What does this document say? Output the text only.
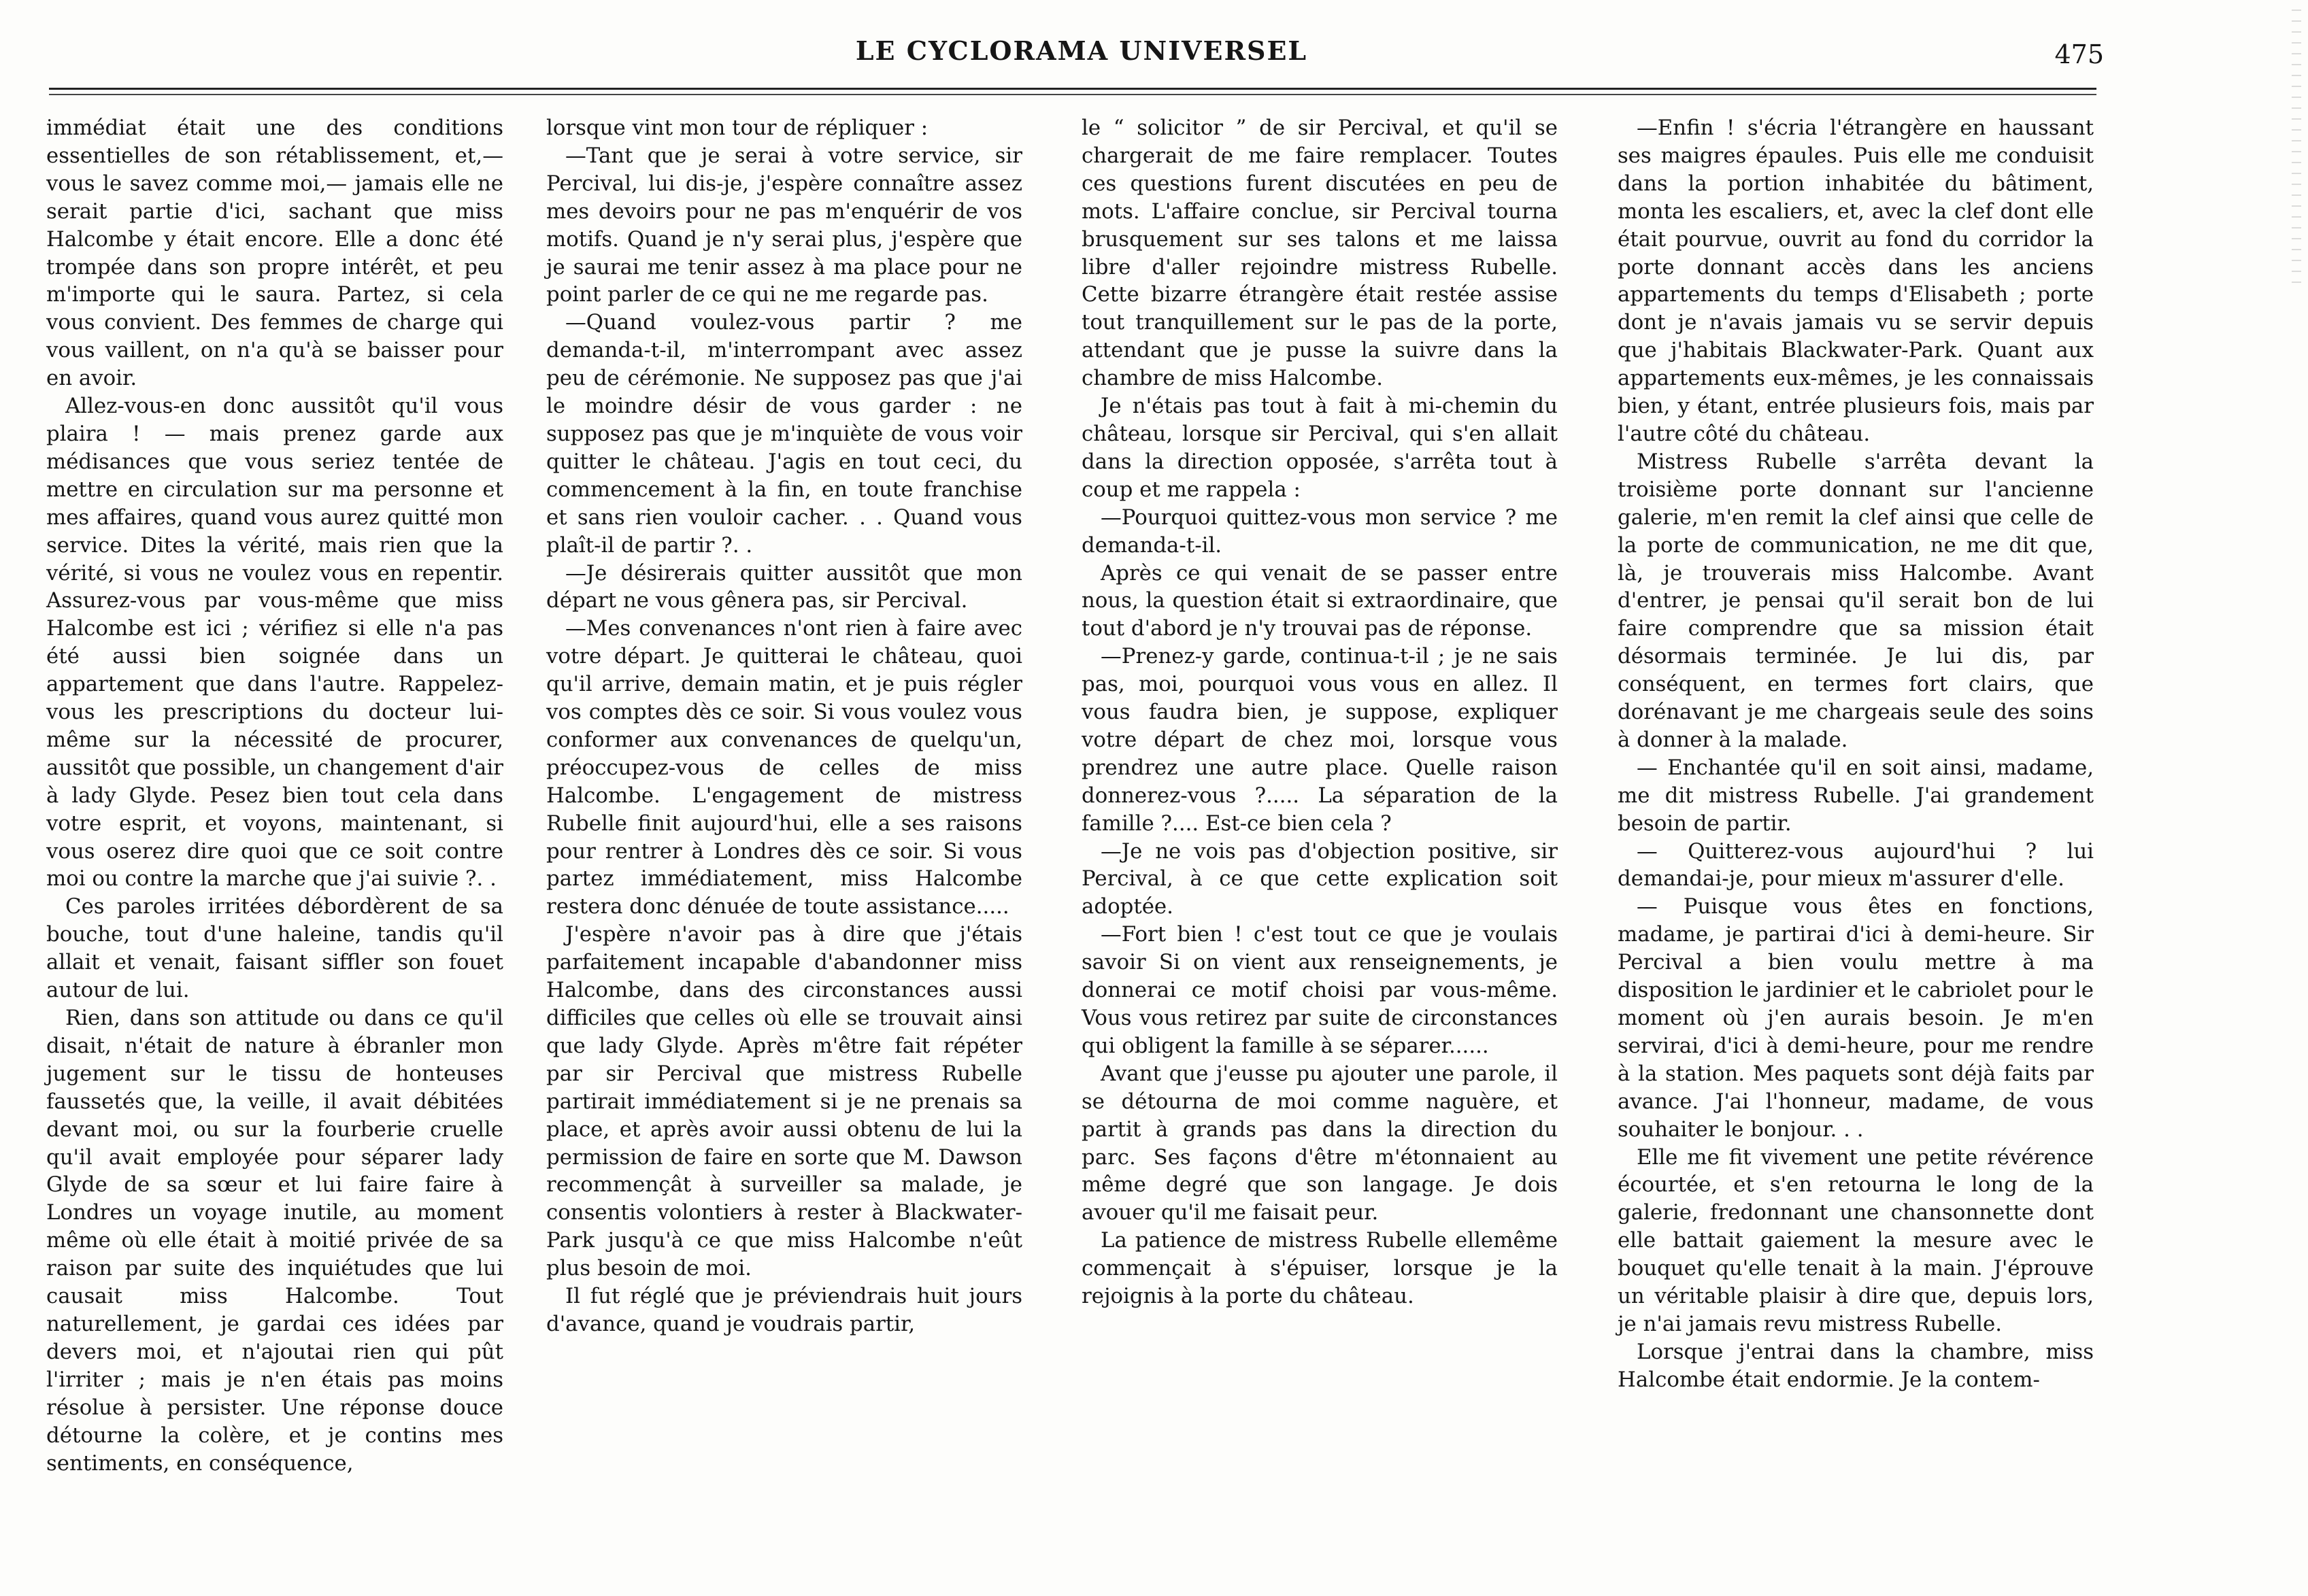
LE CYCLORAMA UNIVERSEL	475

immédiat était une des conditions essentielles de son rétablissement, et,— vous le savez comme moi,— jamais elle ne serait partie d'ici, sachant que miss Halcombe y était encore. Elle a donc été trompée dans son propre intérêt, et peu m'importe qui le saura. Partez, si cela vous convient. Des femmes de charge qui vous vaillent, on n'a qu'à se baisser pour en avoir.

Allez-vous-en donc aussitôt qu'il vous plaira ! — mais prenez garde aux médisances que vous seriez tentée de mettre en circulation sur ma personne et mes affaires, quand vous aurez quitté mon service. Dites la vérité, mais rien que la vérité, si vous ne voulez vous en repentir. Assurez-vous par vous-même que miss Halcombe est ici ; vérifiez si elle n'a pas été aussi bien soignée dans un appartement que dans l'autre. Rappelez-vous les prescriptions du docteur lui-même sur la nécessité de procurer, aussitôt que possible, un changement d'air à lady Glyde. Pesez bien tout cela dans votre esprit, et voyons, maintenant, si vous oserez dire quoi que ce soit contre moi ou contre la marche que j'ai suivie ?. .

Ces paroles irritées débordèrent de sa bouche, tout d'une haleine, tandis qu'il allait et venait, faisant siffler son fouet autour de lui.

Rien, dans son attitude ou dans ce qu'il disait, n'était de nature à ébranler mon jugement sur le tissu de honteuses faussetés que, la veille, il avait débitées devant moi, ou sur la fourberie cruelle qu'il avait employée pour séparer lady Glyde de sa sœur et lui faire faire à Londres un voyage inutile, au moment même où elle était à moitié privée de sa raison par suite des inquiétudes que lui causait miss Halcombe. Tout naturellement, je gardai ces idées par devers moi, et n'ajoutai rien qui pût l'irriter ; mais je n'en étais pas moins résolue à persister. Une réponse douce détourne la colère, et je contins mes sentiments, en conséquence,

lorsque vint mon tour de répliquer :

—Tant que je serai à votre service, sir Percival, lui dis-je, j'espère connaître assez mes devoirs pour ne pas m'enquérir de vos motifs. Quand je n'y serai plus, j'espère que je saurai me tenir assez à ma place pour ne point parler de ce qui ne me regarde pas.

—Quand voulez-vous partir ? me demanda-t-il, m'interrompant avec assez peu de cérémonie. Ne supposez pas que j'ai le moindre désir de vous garder : ne supposez pas que je m'inquiète de vous voir quitter le château. J'agis en tout ceci, du commencement à la fin, en toute franchise et sans rien vouloir cacher. . . Quand vous plaît-il de partir ?. .

—Je désirerais quitter aussitôt que mon départ ne vous gênera pas, sir Percival.

—Mes convenances n'ont rien à faire avec votre départ. Je quitterai le château, quoi qu'il arrive, demain matin, et je puis régler vos comptes dès ce soir. Si vous voulez vous conformer aux convenances de quelqu'un, préoccupez-vous de celles de miss Halcombe. L'engagement de mistress Rubelle finit aujourd'hui, elle a ses raisons pour rentrer à Londres dès ce soir. Si vous partez immédiatement, miss Halcombe restera donc dénuée de toute assistance.....

J'espère n'avoir pas à dire que j'étais parfaitement incapable d'abandonner miss Halcombe, dans des circonstances aussi difficiles que celles où elle se trouvait ainsi que lady Glyde. Après m'être fait répéter par sir Percival que mistress Rubelle partirait immédiatement si je ne prenais sa place, et après avoir aussi obtenu de lui la permission de faire en sorte que M. Dawson recommençât à surveiller sa malade, je consentis volontiers à rester à Blackwater-Park jusqu'à ce que miss Halcombe n'eût plus besoin de moi.

Il fut réglé que je préviendrais huit jours d'avance, quand je voudrais partir,

le “ solicitor ” de sir Percival, et qu'il se chargerait de me faire remplacer. Toutes ces questions furent discutées en peu de mots. L'affaire conclue, sir Percival tourna brusquement sur ses talons et me laissa libre d'aller rejoindre mistress Rubelle. Cette bizarre étrangère était restée assise tout tranquillement sur le pas de la porte, attendant que je pusse la suivre dans la chambre de miss Halcombe.

Je n'étais pas tout à fait à mi-chemin du château, lorsque sir Percival, qui s'en allait dans la direction opposée, s'arrêta tout à coup et me rappela :

—Pourquoi quittez-vous mon service ? me demanda-t-il.

Après ce qui venait de se passer entre nous, la question était si extraordinaire, que tout d'abord je n'y trouvai pas de réponse.

—Prenez-y garde, continua-t-il ; je ne sais pas, moi, pourquoi vous vous en allez. Il vous faudra bien, je suppose, expliquer votre départ de chez moi, lorsque vous prendrez une autre place. Quelle raison donnerez-vous ?..... La séparation de la famille ?.... Est-ce bien cela ?

—Je ne vois pas d'objection positive, sir Percival, à ce que cette explication soit adoptée.

—Fort bien ! c'est tout ce que je voulais savoir Si on vient aux renseignements, je donnerai ce motif choisi par vous-même. Vous vous retirez par suite de circonstances qui obligent la famille à se séparer......

Avant que j'eusse pu ajouter une parole, il se détourna de moi comme naguère, et partit à grands pas dans la direction du parc. Ses façons d'être m'étonnaient au même degré que son langage. Je dois avouer qu'il me faisait peur.

La patience de mistress Rubelle ellemême commençait à s'épuiser, lorsque je la rejoignis à la porte du château.

—Enfin ! s'écria l'étrangère en haussant ses maigres épaules. Puis elle me conduisit dans la portion inhabitée du bâtiment, monta les escaliers, et, avec la clef dont elle était pourvue, ouvrit au fond du corridor la porte donnant accès dans les anciens appartements du temps d'Elisabeth ; porte dont je n'avais jamais vu se servir depuis que j'habitais Blackwater-Park. Quant aux appartements eux-mêmes, je les connaissais bien, y étant, entrée plusieurs fois, mais par l'autre côté du château.

Mistress Rubelle s'arrêta devant la troisième porte donnant sur l'ancienne galerie, m'en remit la clef ainsi que celle de la porte de communication, ne me dit que, là, je trouverais miss Halcombe. Avant d'entrer, je pensai qu'il serait bon de lui faire comprendre que sa mission était désormais terminée. Je lui dis, par conséquent, en termes fort clairs, que dorénavant je me chargeais seule des soins à donner à la malade.

— Enchantée qu'il en soit ainsi, madame, me dit mistress Rubelle. J'ai grandement besoin de partir.

— Quitterez-vous aujourd'hui ? lui demandai-je, pour mieux m'assurer d'elle.

— Puisque vous êtes en fonctions, madame, je partirai d'ici à demi-heure. Sir Percival a bien voulu mettre à ma disposition le jardinier et le cabriolet pour le moment où j'en aurais besoin. Je m'en servirai, d'ici à demi-heure, pour me rendre à la station. Mes paquets sont déjà faits par avance. J'ai l'honneur, madame, de vous souhaiter le bonjour. . .

Elle me fit vivement une petite révérence écourtée, et s'en retourna le long de la galerie, fredonnant une chansonnette dont elle battait gaiement la mesure avec le bouquet qu'elle tenait à la main. J'éprouve un véritable plaisir à dire que, depuis lors, je n'ai jamais revu mistress Rubelle.

Lorsque j'entrai dans la chambre, miss Halcombe était endormie. Je la contem-
